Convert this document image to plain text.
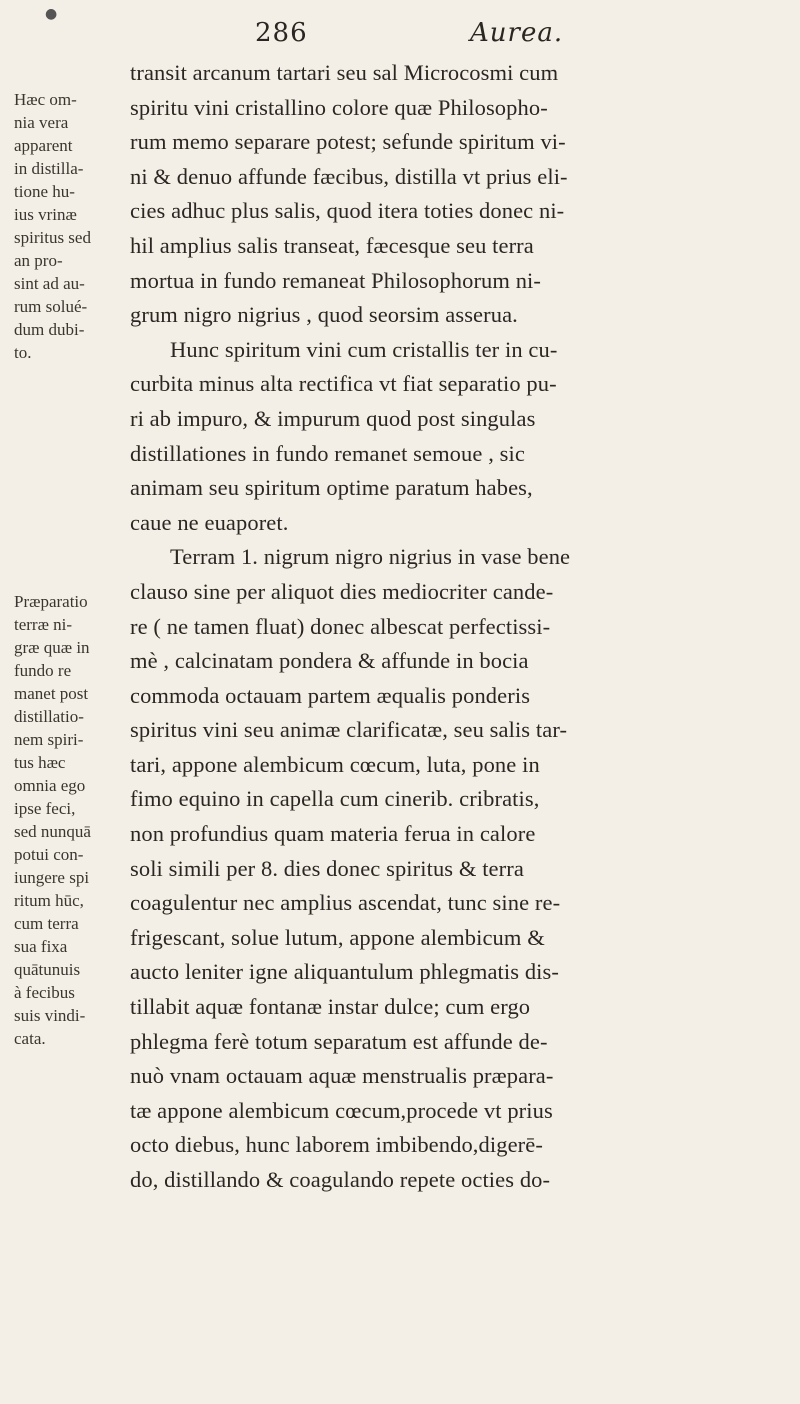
●
286	Aurea.
Hæc om-
nia vera
apparent
in distilla-
tione hu-
ius vrinæ
spiritus sed
an pro-
sint ad au-
rum solué-
dum dubi-
to.
Præparatio
terræ ni-
græ quæ in
fundo re
manet post
distillatio-
nem spiri-
tus hæc
omnia ego
ipse feci,
sed nunquā
potui con-
iungere spi
ritum hūc,
cum terra
sua fixa
quātunuis
à fecibus
suis vindi-
cata.
transit arcanum tartari seu sal Microcosmi cum
spiritu vini cristallino colore quæ Philosopho-
rum memo separare potest; sefunde spiritum vi-
ni & denuo affunde fæcibus, distilla vt prius eli-
cies adhuc plus salis, quod itera toties donec ni-
hil amplius salis transeat, fæcesque seu terra
mortua in fundo remaneat Philosophorum ni-
grum nigro nigrius , quod seorsim asserua.
Hunc spiritum vini cum cristallis ter in cu-
curbita minus alta rectifica vt fiat separatio pu-
ri ab impuro, & impurum quod post singulas
distillationes in fundo remanet semoue , sic
animam seu spiritum optime paratum habes,
caue ne euaporet.
Terram 1. nigrum nigro nigrius in vase bene
clauso sine per aliquot dies mediocriter cande-
re ( ne tamen fluat) donec albescat perfectissi-
mè , calcinatam pondera & affunde in bocia
commoda octauam partem æqualis ponderis
spiritus vini seu animæ clarificatæ, seu salis tar-
tari, appone alembicum cœcum, luta, pone in
fimo equino in capella cum cinerib. cribratis,
non profundius quam materia ferua in calore
soli simili per 8. dies donec spiritus & terra
coagulentur nec amplius ascendat, tunc sine re-
frigescant, solue lutum, appone alembicum &
aucto leniter igne aliquantulum phlegmatis dis-
tillabit aquæ fontanæ instar dulce; cum ergo
phlegma ferè totum separatum est affunde de-
nuò vnam octauam aquæ menstrualis præpara-
tæ appone alembicum cœcum,procede vt prius
octo diebus, hunc laborem imbibendo,digerē-
do, distillando & coagulando repete octies do-
